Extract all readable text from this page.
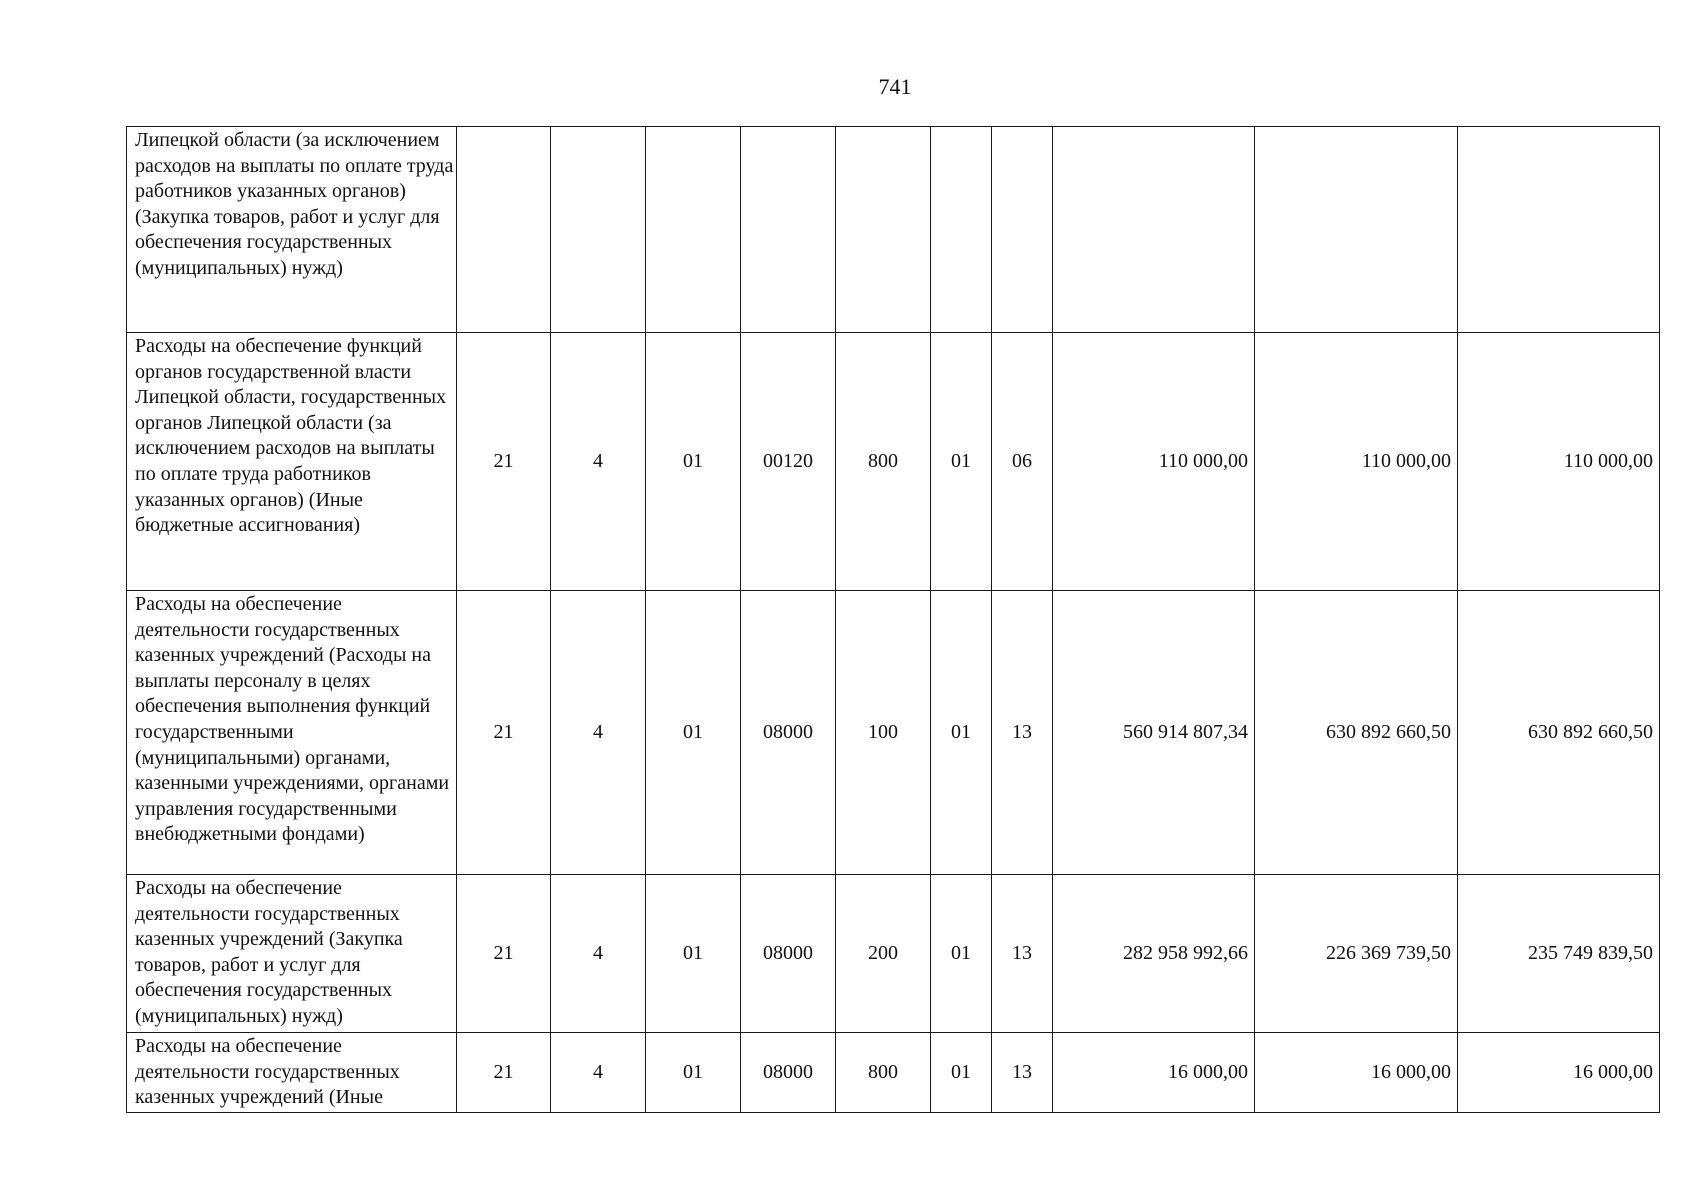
741
Липецкой области (за исключением расходов на выплаты по оплате труда работников указанных органов) (Закупка товаров, работ и услуг для обеспечения государственных (муниципальных) нужд)										
Расходы на обеспечение функций органов государственной власти Липецкой области, государственных органов Липецкой области (за исключением расходов на выплаты по оплате труда работников указанных органов) (Иные бюджетные ассигнования)	21	4	01	00120	800	01	06	110 000,00	110 000,00	110 000,00
Расходы на обеспечение деятельности государственных казенных учреждений (Расходы на выплаты персоналу в целях обеспечения выполнения функций государственными (муниципальными) органами, казенными учреждениями, органами управления государственными внебюджетными фондами)	21	4	01	08000	100	01	13	560 914 807,34	630 892 660,50	630 892 660,50
Расходы на обеспечение деятельности государственных казенных учреждений (Закупка товаров, работ и услуг для обеспечения государственных (муниципальных) нужд)	21	4	01	08000	200	01	13	282 958 992,66	226 369 739,50	235 749 839,50
Расходы на обеспечение деятельности государственных казенных учреждений (Иные	21	4	01	08000	800	01	13	16 000,00	16 000,00	16 000,00
